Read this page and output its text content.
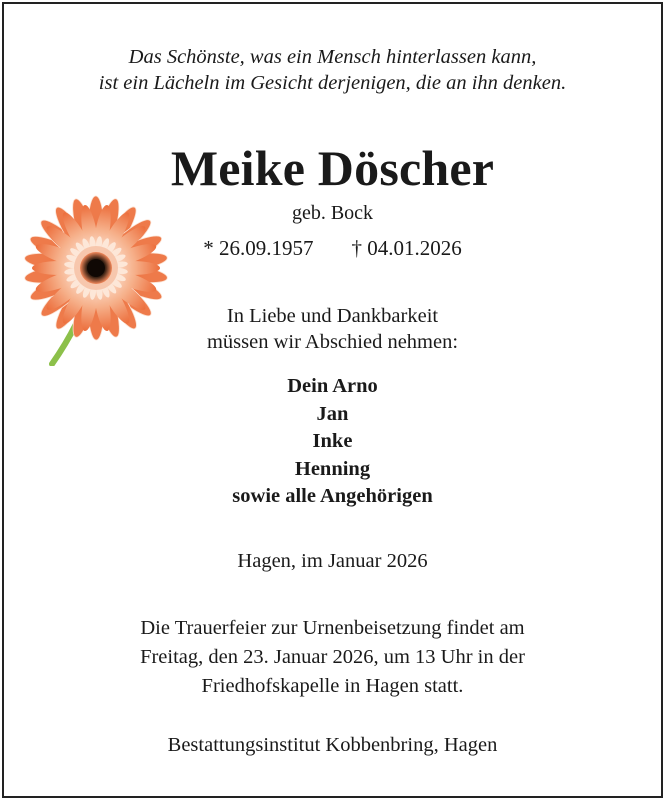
Das Schönste, was ein Mensch hinterlassen kann,
ist ein Lächeln im Gesicht derjenigen, die an ihn denken.
Meike Döscher
geb. Bock
* 26.09.1957 † 04.01.2026
In Liebe und Dankbarkeit
müssen wir Abschied nehmen:
Dein Arno
Jan
Inke
Henning
sowie alle Angehörigen
Hagen, im Januar 2026
Die Trauerfeier zur Urnenbeisetzung findet am
Freitag, den 23. Januar 2026, um 13 Uhr in der
Friedhofskapelle in Hagen statt.
Bestattungsinstitut Kobbenbring, Hagen
